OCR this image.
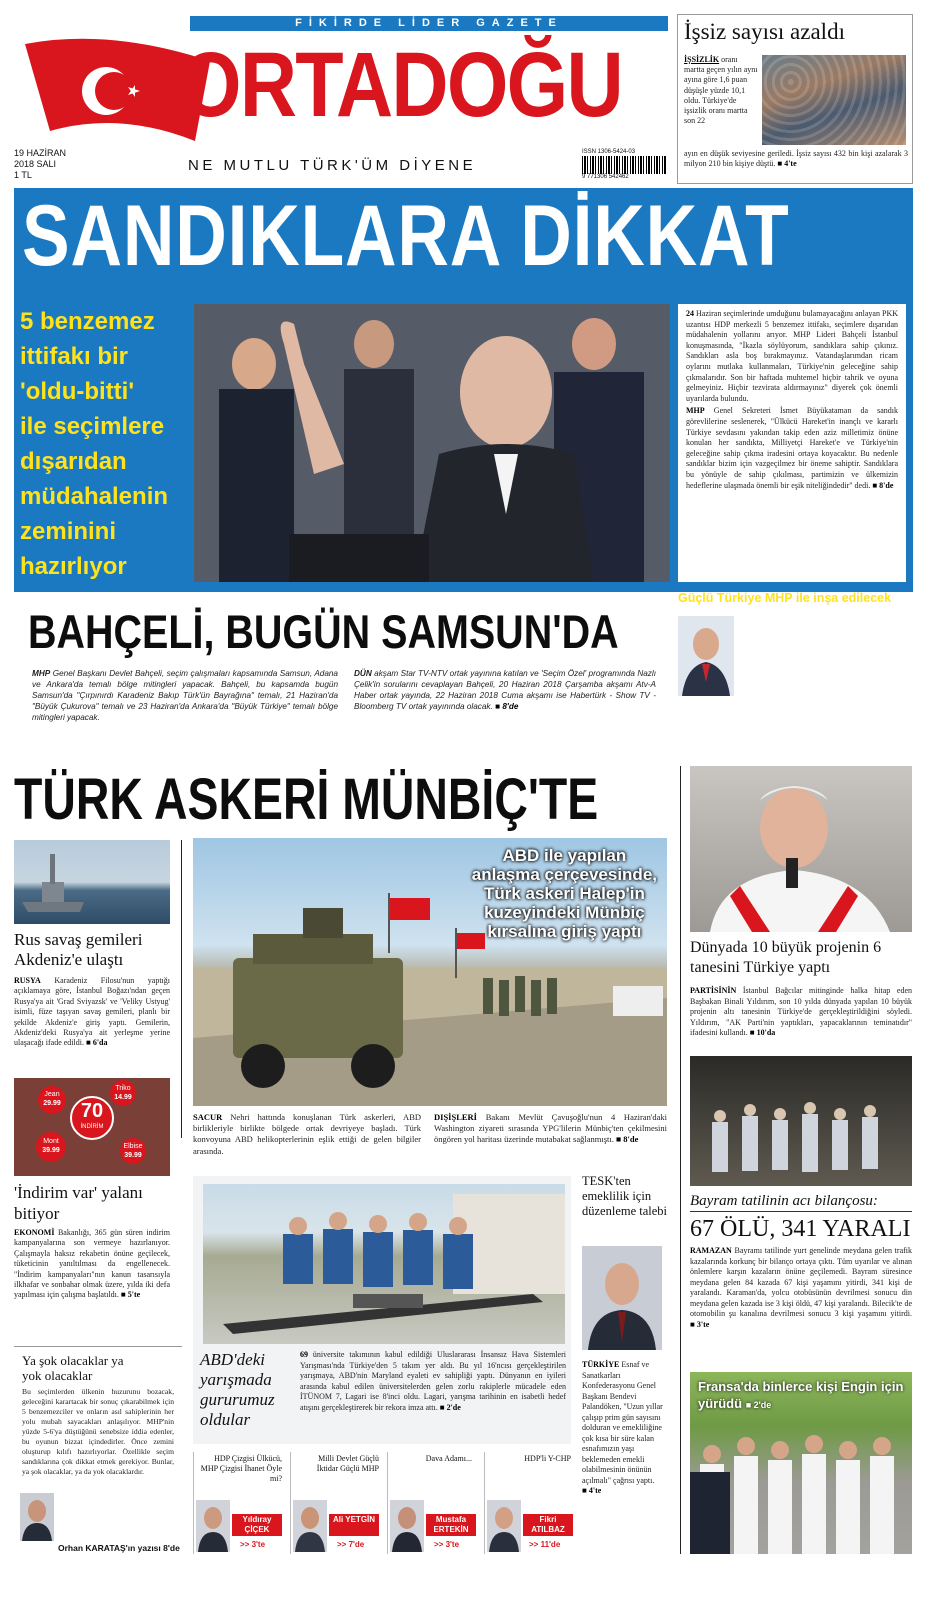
FİKİRDE LİDER GAZETE
ORTADOĞU
NE MUTLU TÜRK'ÜM DİYENE
19 HAZİRAN
2018 SALI
1 TL
ISSN 1306-5424-03
9 771306 542462
İşsiz sayısı azaldı
İŞSİZLİK oranı martta geçen yılın aynı ayına göre 1,6 puan düşüşle yüzde 10,1 oldu. Türkiye'de işsizlik oranı martta son 22
ayın en düşük seviyesine geriledi. İşsiz sayısı 432 bin kişi azalarak 3 milyon 210 bin kişiye düştü. ■ 4'te
SANDIKLARA DİKKAT
5 benzemez
ittifakı bir
'oldu-bitti'
ile seçimlere
dışarıdan
müdahalenin
zeminini
hazırlıyor
24 Haziran seçimlerinde umduğunu bulamayacağını anlayan PKK uzantısı HDP merkezli 5 benzemez ittifakı, seçimlere dışarıdan müdahalenin yollarını arıyor. MHP Lideri Bahçeli İstanbul konuşmasında, "İkazla söylüyorum, sandıklara sahip çıkınız. Sandıkları asla boş bırakmayınız. Vatandaşlarımdan ricam oylarını mutlaka kullanmaları, Türkiye'nin geleceğine sahip çıkmalarıdır. Son bir haftada muhtemel hiçbir tahrik ve oyuna gelmeyiniz. Hiçbir tezvirata aldırmayınız" diyerek çok önemli uyarılarda bulundu.
MHP Genel Sekreteri İsmet Büyükataman da sandık görevlilerine seslenerek, "Ülkücü Hareket'in inançlı ve kararlı Türkiye sevdasını yakından takip eden aziz milletimiz önüne konulan her sandıkta, Milliyetçi Hareket'e ve Türkiye'nin geleceğine sahip çıkma iradesini ortaya koyacaktır. Bu nedenle sandıklar bizim için vazgeçilmez bir öneme sahiptir. Sandıklara bu yönüyle de sahip çıkılması, partimizin ve ülkemizin hedeflerine ulaşmada önemli bir eşik niteliğindedir" dedi. ■ 8'de
Güçlü Türkiye MHP ile inşa edilecek
MHP Manisa milletvekili adayı Erkan Akçay, seçim çalışmaları için Alaşehir'deydi. Akçay "Yıkım ittifakını yenilgiye uğratmak bir tercih değil, huzurlu ve güvenli Türkiye için bir zorunluluktur. Türkiye'nin geleceği Cumhur İttifakı'dır. Türkiye'nin parlak yarınları güçlü MHP ile inşa edilecektir" dedi. ■ 11'de
BAHÇELİ, BUGÜN SAMSUN'DA
MHP Genel Başkanı Devlet Bahçeli, seçim çalışmaları kapsamında Samsun, Adana ve Ankara'da temalı bölge mitingleri yapacak. Bahçeli, bu kapsamda bugün Samsun'da "Çırpınırdı Karadeniz Bakıp Türk'ün Bayrağına" temalı, 21 Haziran'da "Büyük Çukurova" temalı ve 23 Haziran'da Ankara'da "Büyük Türkiye" temalı bölge mitingleri yapacak.
DÜN akşam Star TV-NTV ortak yayınına katılan ve 'Seçim Özel' programında Nazlı Çelik'in sorularını cevaplayan Bahçeli, 20 Haziran 2018 Çarşamba akşamı Atv-A Haber ortak yayında, 22 Haziran 2018 Cuma akşamı ise Habertürk - Show TV - Bloomberg TV ortak yayınında olacak. ■ 8'de
TÜRK ASKERİ MÜNBİÇ'TE
ABD ile yapılan
anlaşma çerçevesinde,
Türk askeri Halep'in
kuzeyindeki Münbiç
kırsalına giriş yaptı
SACUR Nehri hattında konuşlanan Türk askerleri, ABD birlikleriyle birlikte bölgede ortak devriyeye başladı. Türk konvoyuna ABD helikopterlerinin eşlik ettiği de gelen bilgiler arasında.
DIŞİŞLERİ Bakanı Mevlüt Çavuşoğlu'nun 4 Haziran'daki Washington ziyareti sırasında YPG'lilerin Münbiç'ten çekilmesini öngören yol haritası üzerinde mutabakat sağlanmıştı. ■ 8'de
Rus savaş gemileri Akdeniz'e ulaştı
RUSYA Karadeniz Filosu'nun yaptığı açıklamaya göre, İstanbul Boğazı'ndan geçen Rusya'ya ait 'Grad Sviyazsk' ve 'Veliky Ustyug' isimli, füze taşıyan savaş gemileri, planlı bir şekilde Akdeniz'e giriş yaptı. Gemilerin, Akdeniz'deki Rusya'ya ait yerleşme yerine ulaşacağı ifade edildi. ■ 6'da
Jean
29.99
Triko
14.99
70
İNDİRİM
Mont
39.99
Elbise
39.99
'İndirim var' yalanı bitiyor
EKONOMİ Bakanlığı, 365 gün süren indirim kampanyalarına son vermeye hazırlanıyor. Çalışmayla haksız rekabetin önüne geçilecek, tüketicinin yanıltılması da engellenecek. "İndirim kampanyaları"nın kanun tasarısıyla ilkhafar ve sonbahar olmak üzere, yılda iki defa yapılması için çalışma başlatıldı. ■ 5'te
Ya şok olacaklar ya yok olacaklar
Bu seçimlerden ülkenin huzurunu bozacak, geleceğini karartacak bir sonuç çıkarabilmek için 5 benzemezciler ve onların asıl sahiplerinin her yolu mubah sayacakları anlaşılıyor. MHP'nin yüzde 5-6'ya düştüğünü senebsize iddia edenler, bu oyunun bizzat içindedirler. Önce zemini oluşturup kılıfı hazırlıyorlar. Özellikle seçim sandıklarına çok dikkat etmek gerekiyor. Bunlar, ya şok olacaklar, ya da yok olacaklardır.
Orhan KARATAŞ'ın yazısı 8'de
ABD'deki yarışmada gururumuz oldular
69 üniversite takımının kabul edildiği Uluslararası İnsansız Hava Sistemleri Yarışması'nda Türkiye'den 5 takım yer aldı. Bu yıl 16'ncısı gerçekleştirilen yarışmaya, ABD'nin Maryland eyaleti ev sahipliği yaptı. Dünyanın en iyileri arasında kabul edilen üniversitelerden gelen zorlu rakiplerle mücadele eden İTÜNOM 7, Lagari ise 8'inci oldu. Lagari, yarışma tarihinin en isabetli hedef atışını gerçekleştirerek bir rekora imza attı. ■ 2'de
TESK'ten emeklilik için düzenleme talebi
TÜRKİYE Esnaf ve Sanatkarları Konfederasyonu Genel Başkanı Bendevi Palandöken, "Uzun yıllar çalışıp prim gün sayısını dolduran ve emekliliğine çok kısa bir süre kalan esnafımızın yaşı beklemeden emekli olabilmesinin önünün açılmalı" çağrısı yaptı. ■ 4'te
HDP Çizgisi Ülkücü, MHP Çizgisi İhanet Öyle mi?
Yıldıray ÇİÇEK
>> 3'te
Milli Devlet Güçlü İktidar Güçlü MHP
Ali YETGİN
>> 7'de
Dava Adamı...
Mustafa ERTEKİN
>> 3'te
HDP'li Y-CHP
Fikri ATILBAZ
>> 11'de
Dünyada 10 büyük projenin 6 tanesini Türkiye yaptı
PARTİSİNİN İstanbul Bağcılar mitinginde halka hitap eden Başbakan Binali Yıldırım, son 10 yılda dünyada yapılan 10 büyük projenin altı tanesinin Türkiye'de gerçekleştirildiğini söyledi. Yıldırım, "AK Parti'nin yaptıkları, yapacaklarının teminatıdır" ifadesini kullandı. ■ 10'da
Bayram tatilinin acı bilançosu:
67 ÖLÜ, 341 YARALI
RAMAZAN Bayramı tatilinde yurt genelinde meydana gelen trafik kazalarında korkunç bir bilanço ortaya çıktı. Tüm uyarılar ve alınan önlemlere karşın kazaların önüne geçilemedi. Bayram süresince meydana gelen 84 kazada 67 kişi yaşamını yitirdi, 341 kişi de yaralandı. Karaman'da, yolcu otobüsünün devrilmesi sonucu din meydana gelen kazada ise 3 kişi öldü, 47 kişi yaralandı. Bilecik'te de otomobilin şu kanalına devrilmesi sonucu 3 kişi yaşamını yitirdi. ■ 3'te
Fransa'da binlerce kişi Engin için yürüdü ■ 2'de
